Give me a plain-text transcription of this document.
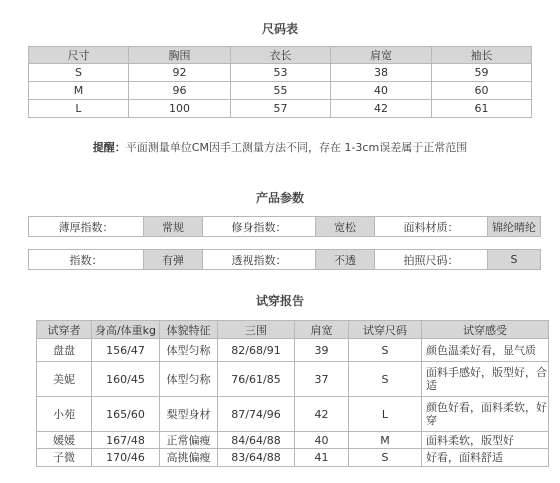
尺码表
尺寸	胸围	衣长	肩宽	袖长
S	92	53	38	59
M	96	55	40	60
L	100	57	42	61
提醒：平面测量单位CM因手工测量方法不同，存在 1-3cm误差属于正常范围
产品参数
薄厚指数：	常规	修身指数：	宽松	面料材质：	锦纶晴纶
指数：	有弹	透视指数：	不透	拍照尺码：	S
试穿报告
试穿者	身高/体重kg	体貌特征	三围	肩宽	试穿尺码	试穿感受
盘盘	156/47	体型匀称	82/68/91	39	S	颜色温柔好看，显气质
美妮	160/45	体型匀称	76/61/85	37	S	面料手感好，版型好，合适
小苑	165/60	梨型身材	87/74/96	42	L	颜色好看，面料柔软，好穿
媛媛	167/48	正常偏瘦	84/64/88	40	M	面料柔软，版型好
子微	170/46	高挑偏瘦	83/64/88	41	S	好看，面料舒适
